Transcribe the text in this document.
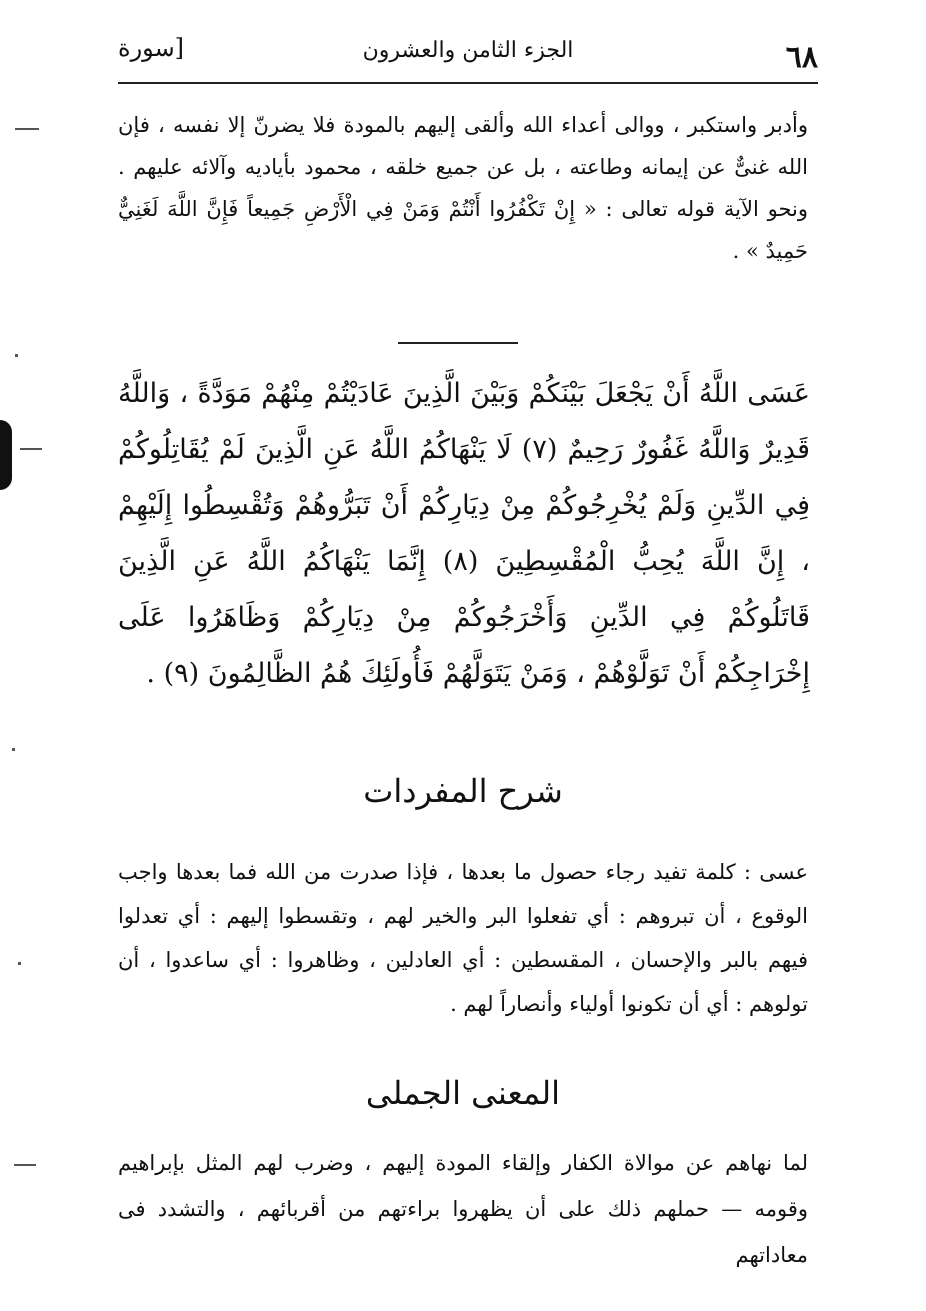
٦٨
الجزء الثامن والعشرون
[سورة
وأدبر واستكبر ، ووالى أعداء الله وألقى إليهم بالمودة فلا يضرنّ إلا نفسه ، فإن الله غنىٌّ عن إيمانه وطاعته ، بل عن جميع خلقه ، محمود بأياديه وآلائه عليهم . ونحو الآية قوله تعالى : « إِنْ تَكْفُرُوا أَنْتُمْ وَمَنْ فِي الْأَرْضِ جَمِيعاً فَإِنَّ اللَّهَ لَغَنِيٌّ حَمِيدٌ » .
عَسَى اللَّهُ أَنْ يَجْعَلَ بَيْنَكُمْ وَبَيْنَ الَّذِينَ عَادَيْتُمْ مِنْهُمْ مَوَدَّةً ، وَاللَّهُ قَدِيرٌ وَاللَّهُ غَفُورٌ رَحِيمٌ (٧) لَا يَنْهَاكُمُ اللَّهُ عَنِ الَّذِينَ لَمْ يُقَاتِلُوكُمْ فِي الدِّينِ وَلَمْ يُخْرِجُوكُمْ مِنْ دِيَارِكُمْ أَنْ تَبَرُّوهُمْ وَتُقْسِطُوا إِلَيْهِمْ ، إِنَّ اللَّهَ يُحِبُّ الْمُقْسِطِينَ (٨) إِنَّمَا يَنْهَاكُمُ اللَّهُ عَنِ الَّذِينَ قَاتَلُوكُمْ فِي الدِّينِ وَأَخْرَجُوكُمْ مِنْ دِيَارِكُمْ وَظَاهَرُوا عَلَى إِخْرَاجِكُمْ أَنْ تَوَلَّوْهُمْ ، وَمَنْ يَتَوَلَّهُمْ فَأُولَئِكَ هُمُ الظَّالِمُونَ (٩) .
شرح المفردات
عسى : كلمة تفيد رجاء حصول ما بعدها ، فإذا صدرت من الله فما بعدها واجب الوقوع ، أن تبروهم : أي تفعلوا البر والخير لهم ، وتقسطوا إليهم : أي تعدلوا فيهم بالبر والإحسان ، المقسطين : أي العادلين ، وظاهروا : أي ساعدوا ، أن تولوهم : أي أن تكونوا أولياء وأنصاراً لهم .
المعنى الجملى
لما نهاهم عن موالاة الكفار وإلقاء المودة إليهم ، وضرب لهم المثل بإبراهيم وقومه — حملهم ذلك على أن يظهروا براءتهم من أقربائهم ، والتشدد فى معاداتهم
